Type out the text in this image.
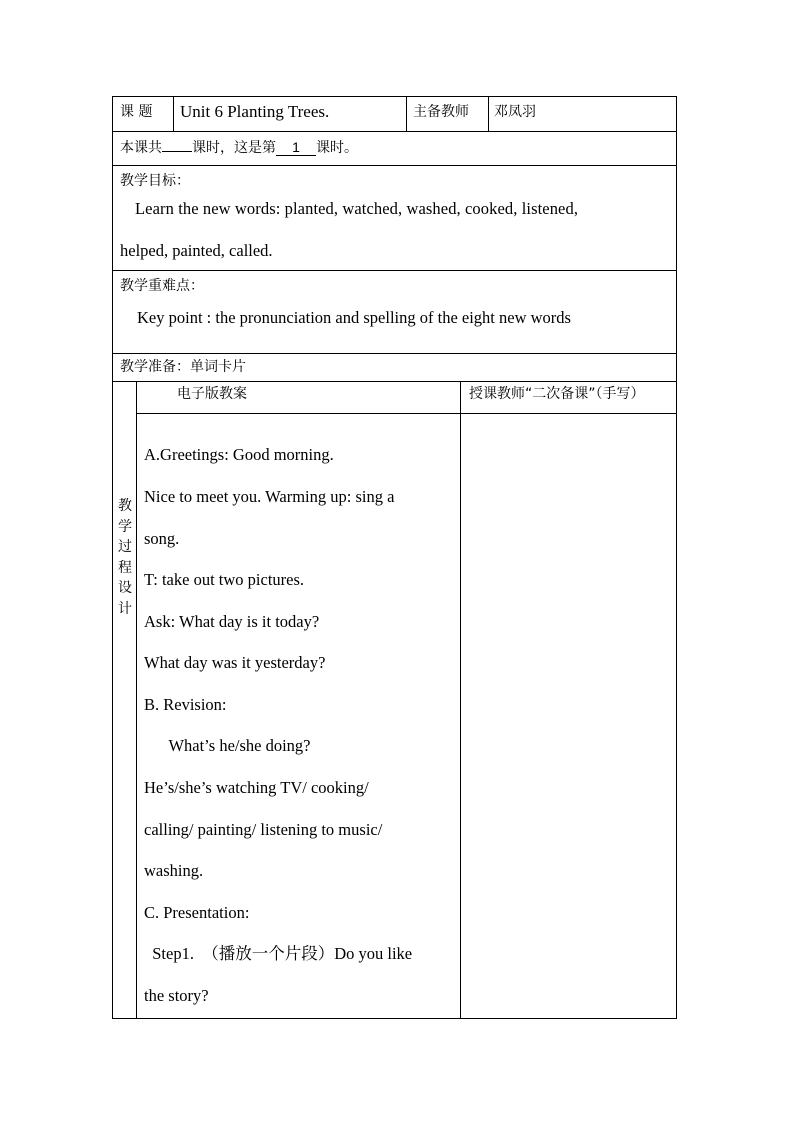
课 题 Unit 6 Planting Trees.	主备教师 邓凤羽
本课共 课时，这是第 1 课时。
教学目标：
Learn the new words: planted, watched, washed, cooked, listened,
helped, painted, called.
教学重难点：
Key point : the pronunciation and spelling of the eight new words
教学准备：单词卡片
教
学
过
程
设
计
电子版教案
A.Greetings: Good morning.
Nice to meet you. Warming up: sing a
song.
T: take out two pictures.
Ask: What day is it today?
What day was it yesterday?
B. Revision:
What’s he/she doing?
He’s/she’s watching TV/ cooking/
calling/ painting/ listening to music/
washing.
C. Presentation:
Step1.  （播放一个片段）Do you like
the story?
授课教师“二次备课”（手写）
